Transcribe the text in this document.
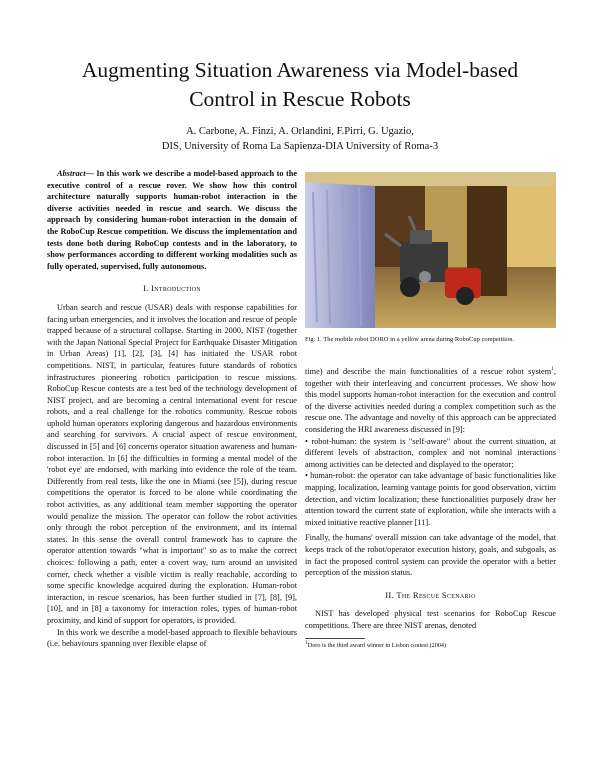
Augmenting Situation Awareness via Model-based
Control in Rescue Robots
A. Carbone, A. Finzi, A. Orlandini, F.Pirri, G. Ugazio,
DIS, University of Roma La Sapienza-DIA University of Roma-3

Abstract— In this work we describe a model-based approach to the executive control of a rescue rover. We show how this control architecture naturally supports human-robot interaction in the diverse activities needed in rescue and search. We discuss the approach by considering human-robot interaction in the domain of the RoboCup Rescue competition. We discuss the implementation and tests done both during RoboCup contests and in the laboratory, to show performances according to different working modalities such as fully operated, supervised, fully autonomous.

I. Introduction

Urban search and rescue (USAR) deals with response capabilities for facing urban emergencies, and it involves the location and rescue of people trapped because of a structural collapse. Starting in 2000, NIST (together with the Japan National Special Project for Earthquake Disaster Mitigation in Urban Areas) [1], [2], [3], [4] has initiated the USAR robot competitions. NIST, in particular, features future standards of robotics infrastructures pioneering robotics participation to rescue missions. RoboCup Rescue contests are a test bed of the technology development of NIST project, and are becoming a central international event for rescue robots, and a real challenge for the robotics community. Rescue robots uphold human operators exploring dangerous and hazardous environments and searching for survivors. A crucial aspect of rescue environment, discussed in [5] and [6] concerns operator situation awareness and human-robot interaction. In [6] the difficulties in forming a mental model of the 'robot eye' are endorsed, with marking into evidence the role of the team. Differently from real tests, like the one in Miami (see [5]), during rescue competitions the operator is forced to be alone while coordinating the robot activities, as any additional team member supporting the operator would penalize the mission. The operator can follow the robot activities only through the robot perception of the environment, and its internal states. In this sense the overall control framework has to capture the operator attention towards "what is important" so as to make the correct choices: following a path, enter a covert way, turn around an unvisited corner, check whether a visible victim is really reachable, according to some specific knowledge acquired during the exploration. Human-robot interaction, in rescue scenarios, has been further studied in [7], [8], [9], [10], and in [8] a taxonomy for interaction roles, types of human-robot proximity, and kind of support for operators, is provided.

In this work we describe a model-based approach to flexible behaviours (i.e. behaviours spanning over flexible elapse of

Fig. 1. The mobile robot DORO in a yellow arena during RoboCup competition.

time) and describe the main functionalities of a rescue robot system$^1$, together with their interleaving and concurrent processes. We show how this model supports human-robot interaction for the execution and control of the diverse activities needed during a complex competition such as the rescue one. The advantage and novelty of this approach can be appreciated considering the HRI awareness discussed in [9]:

• robot-human: the system is "self-aware" about the current situation, at different levels of abstraction, complex and not nominal interactions among activities can be detected and displayed to the operator;

• human-robot: the operator can take advantage of basic functionalities like mapping, localization, learning vantage points for good observation, victim detection, and victim localization; these functionalities purposely draw her attention toward the current state of exploration, while she interacts with a mixed initiative reactive planner [11].

Finally, the humans' overall mission can take advantage of the model, that keeps track of the robot/operator execution history, goals, and subgoals, as in fact the proposed control system can provide the operator with a better perception of the mission status.

II. The Rescue Scenario

NIST has developed physical test scenarios for RoboCup Rescue competitions. There are three NIST arenas, denoted

$^1$Doro is the third award winner in Lisbon contest (2004)
